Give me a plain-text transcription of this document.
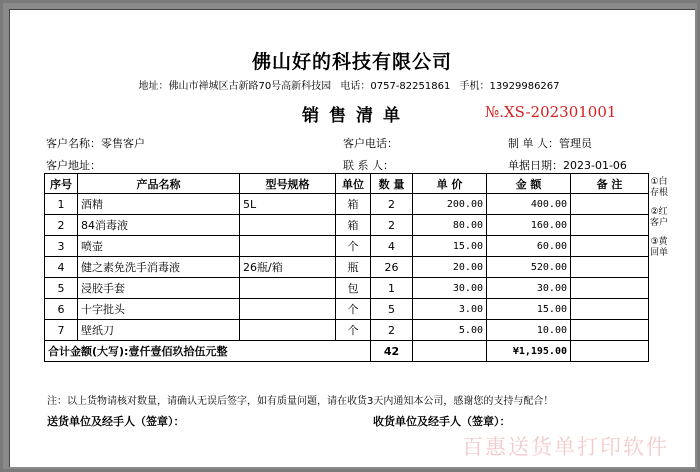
佛山好的科技有限公司
地址：佛山市禅城区古新路70号高新科技园 电话：0757-82251861 手机：13929986267
销售清单	№.XS-202301001
客户名称：零售客户	客户电话：	制 单 人：管理员
客户地址：	联 系 人：	单据日期：2023-01-06
序号	产品名称	型号规格	单位	数 量	单 价	金 额	备 注
1	酒精	5L	箱	2	200.00	400.00	
2	84消毒液		箱	2	80.00	160.00	
3	喷壶		个	4	15.00	60.00	
4	健之素免洗手消毒液	26瓶/箱	瓶	26	20.00	520.00	
5	浸胶手套		包	1	30.00	30.00	
6	十字批头		个	5	3.00	15.00	
7	壁纸刀		个	2	5.00	10.00	
合计金额(大写):壹仟壹佰玖拾伍元整				42		¥1,195.00	
①白存根
②红客户
③黄回单
注：以上货物请核对数量，请确认无误后签字，如有质量问题，请在收货3天内通知本公司，感谢您的支持与配合！
送货单位及经手人（签章）：	收货单位及经手人（签章）：
百惠送货单打印软件
